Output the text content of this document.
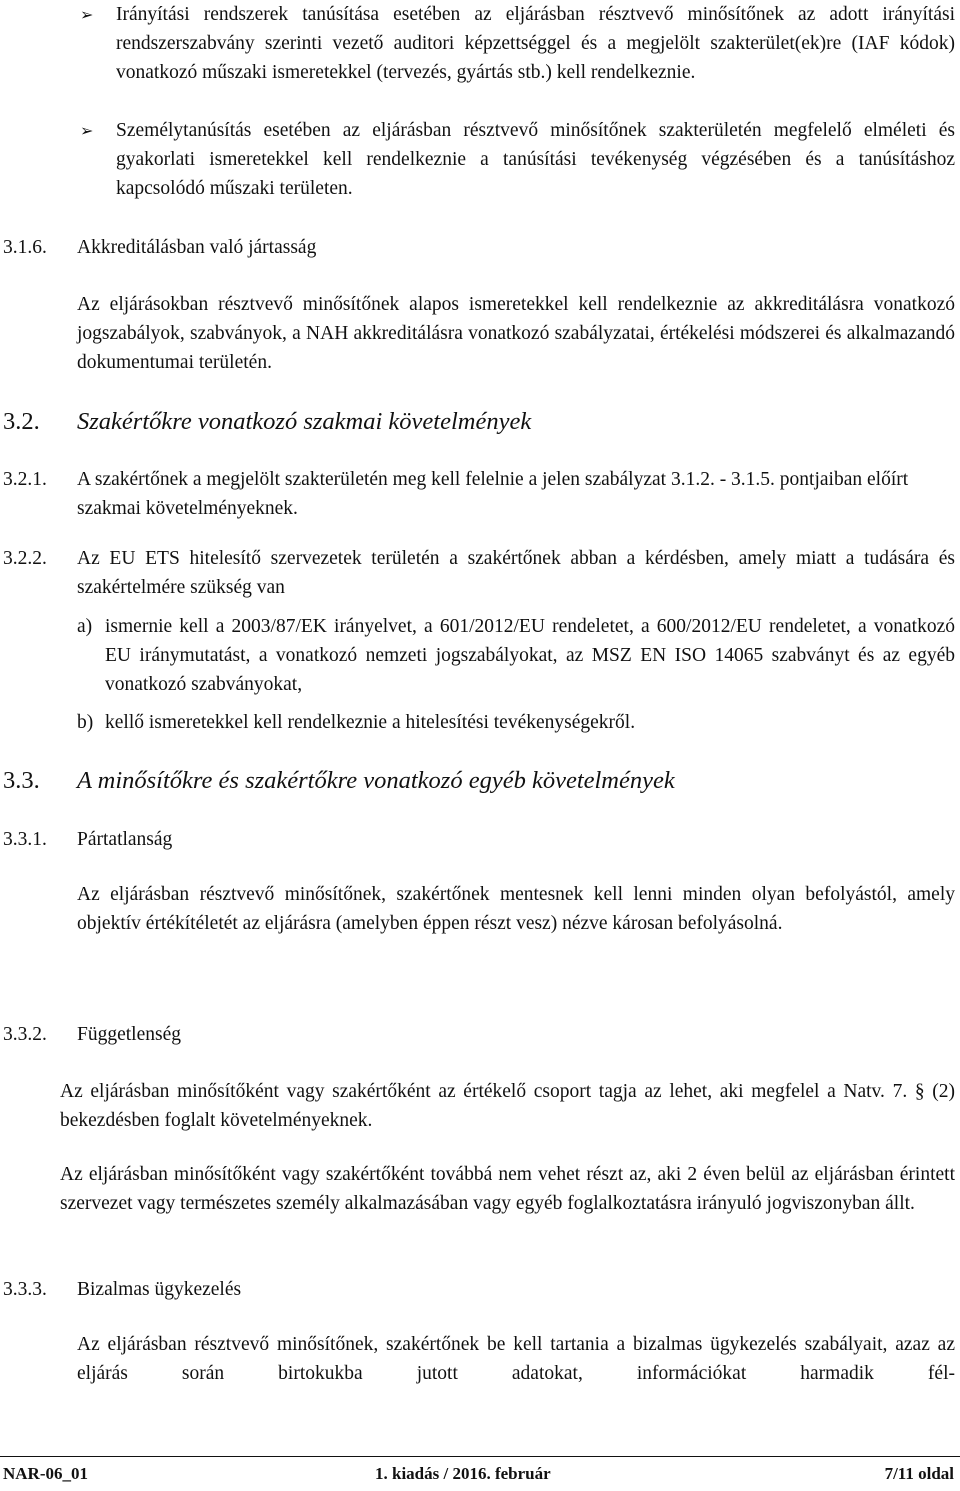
➢ Irányítási rendszerek tanúsítása esetében az eljárásban résztvevő minősítőnek az adott irányítási rendszerszabvány szerinti vezető auditori képzettséggel és a megjelölt szakterület(ek)re (IAF kódok) vonatkozó műszaki ismeretekkel (tervezés, gyártás stb.) kell rendelkeznie.

➢ Személytanúsítás esetében az eljárásban résztvevő minősítőnek szakterületén megfelelő elméleti és gyakorlati ismeretekkel kell rendelkeznie a tanúsítási tevékenység végzésében és a tanúsításhoz kapcsolódó műszaki területen.

3.1.6. Akkreditálásban való jártasság

Az eljárásokban résztvevő minősítőnek alapos ismeretekkel kell rendelkeznie az akkreditálásra vonatkozó jogszabályok, szabványok, a NAH akkreditálásra vonatkozó szabályzatai, értékelési módszerei és alkalmazandó dokumentumai területén.

3.2. Szakértőkre vonatkozó szakmai követelmények
3.2.1. A szakértőnek a megjelölt szakterületén meg kell felelnie a jelen szabályzat 3.1.2. - 3.1.5. pontjaiban előírt szakmai követelményeknek.

3.2.2. Az EU ETS hitelesítő szervezetek területén a szakértőnek abban a kérdésben, amely miatt a tudására és szakértelmére szükség van

a) ismernie kell a 2003/87/EK irányelvet, a 601/2012/EU rendeletet, a 600/2012/EU rendeletet, a vonatkozó EU iránymutatást, a vonatkozó nemzeti jogszabályokat, az MSZ EN ISO 14065 szabványt és az egyéb vonatkozó szabványokat,

b) kellő ismeretekkel kell rendelkeznie a hitelesítési tevékenységekről.

3.3. A minősítőkre és szakértőkre vonatkozó egyéb követelmények
3.3.1. Pártatlanság

Az eljárásban résztvevő minősítőnek, szakértőnek mentesnek kell lenni minden olyan befolyástól, amely objektív értékítéletét az eljárásra (amelyben éppen részt vesz) nézve károsan befolyásolná.

3.3.2. Függetlenség

Az eljárásban minősítőként vagy szakértőként az értékelő csoport tagja az lehet, aki megfelel a Natv. 7. § (2) bekezdésben foglalt követelményeknek.

Az eljárásban minősítőként vagy szakértőként továbbá nem vehet részt az, aki 2 éven belül az eljárásban érintett szervezet vagy természetes személy alkalmazásában vagy egyéb foglalkoztatásra irányuló jogviszonyban állt.

3.3.3. Bizalmas ügykezelés

Az eljárásban résztvevő minősítőnek, szakértőnek be kell tartania a bizalmas ügykezelés szabályait, azaz az eljárás során birtokukba jutott adatokat, információkat harmadik fél-

NAR-06_01	1. kiadás / 2016. február	7/11 oldal
